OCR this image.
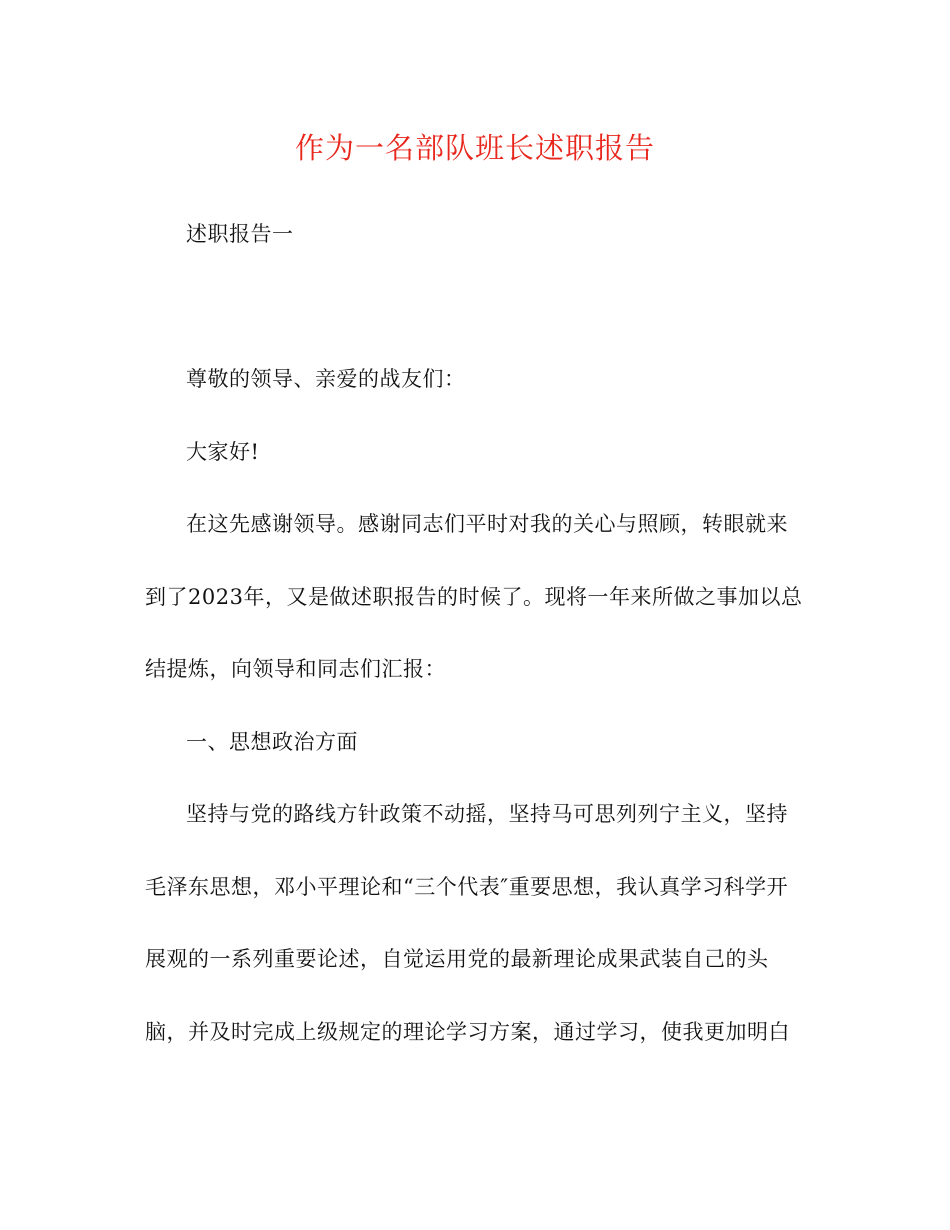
作为一名部队班长述职报告
述职报告一
尊敬的领导、亲爱的战友们：
大家好!
在这先感谢领导。感谢同志们平时对我的关心与照顾，转眼就来
到了2023年，又是做述职报告的时候了。现将一年来所做之事加以总
结提炼，向领导和同志们汇报：
一、思想政治方面
坚持与党的路线方针政策不动摇，坚持马可思列列宁主义，坚持
毛泽东思想，邓小平理论和“三个代表″重要思想，我认真学习科学开
展观的一系列重要论述，自觉运用党的最新理论成果武装自己的头
脑，并及时完成上级规定的理论学习方案，通过学习，使我更加明白
